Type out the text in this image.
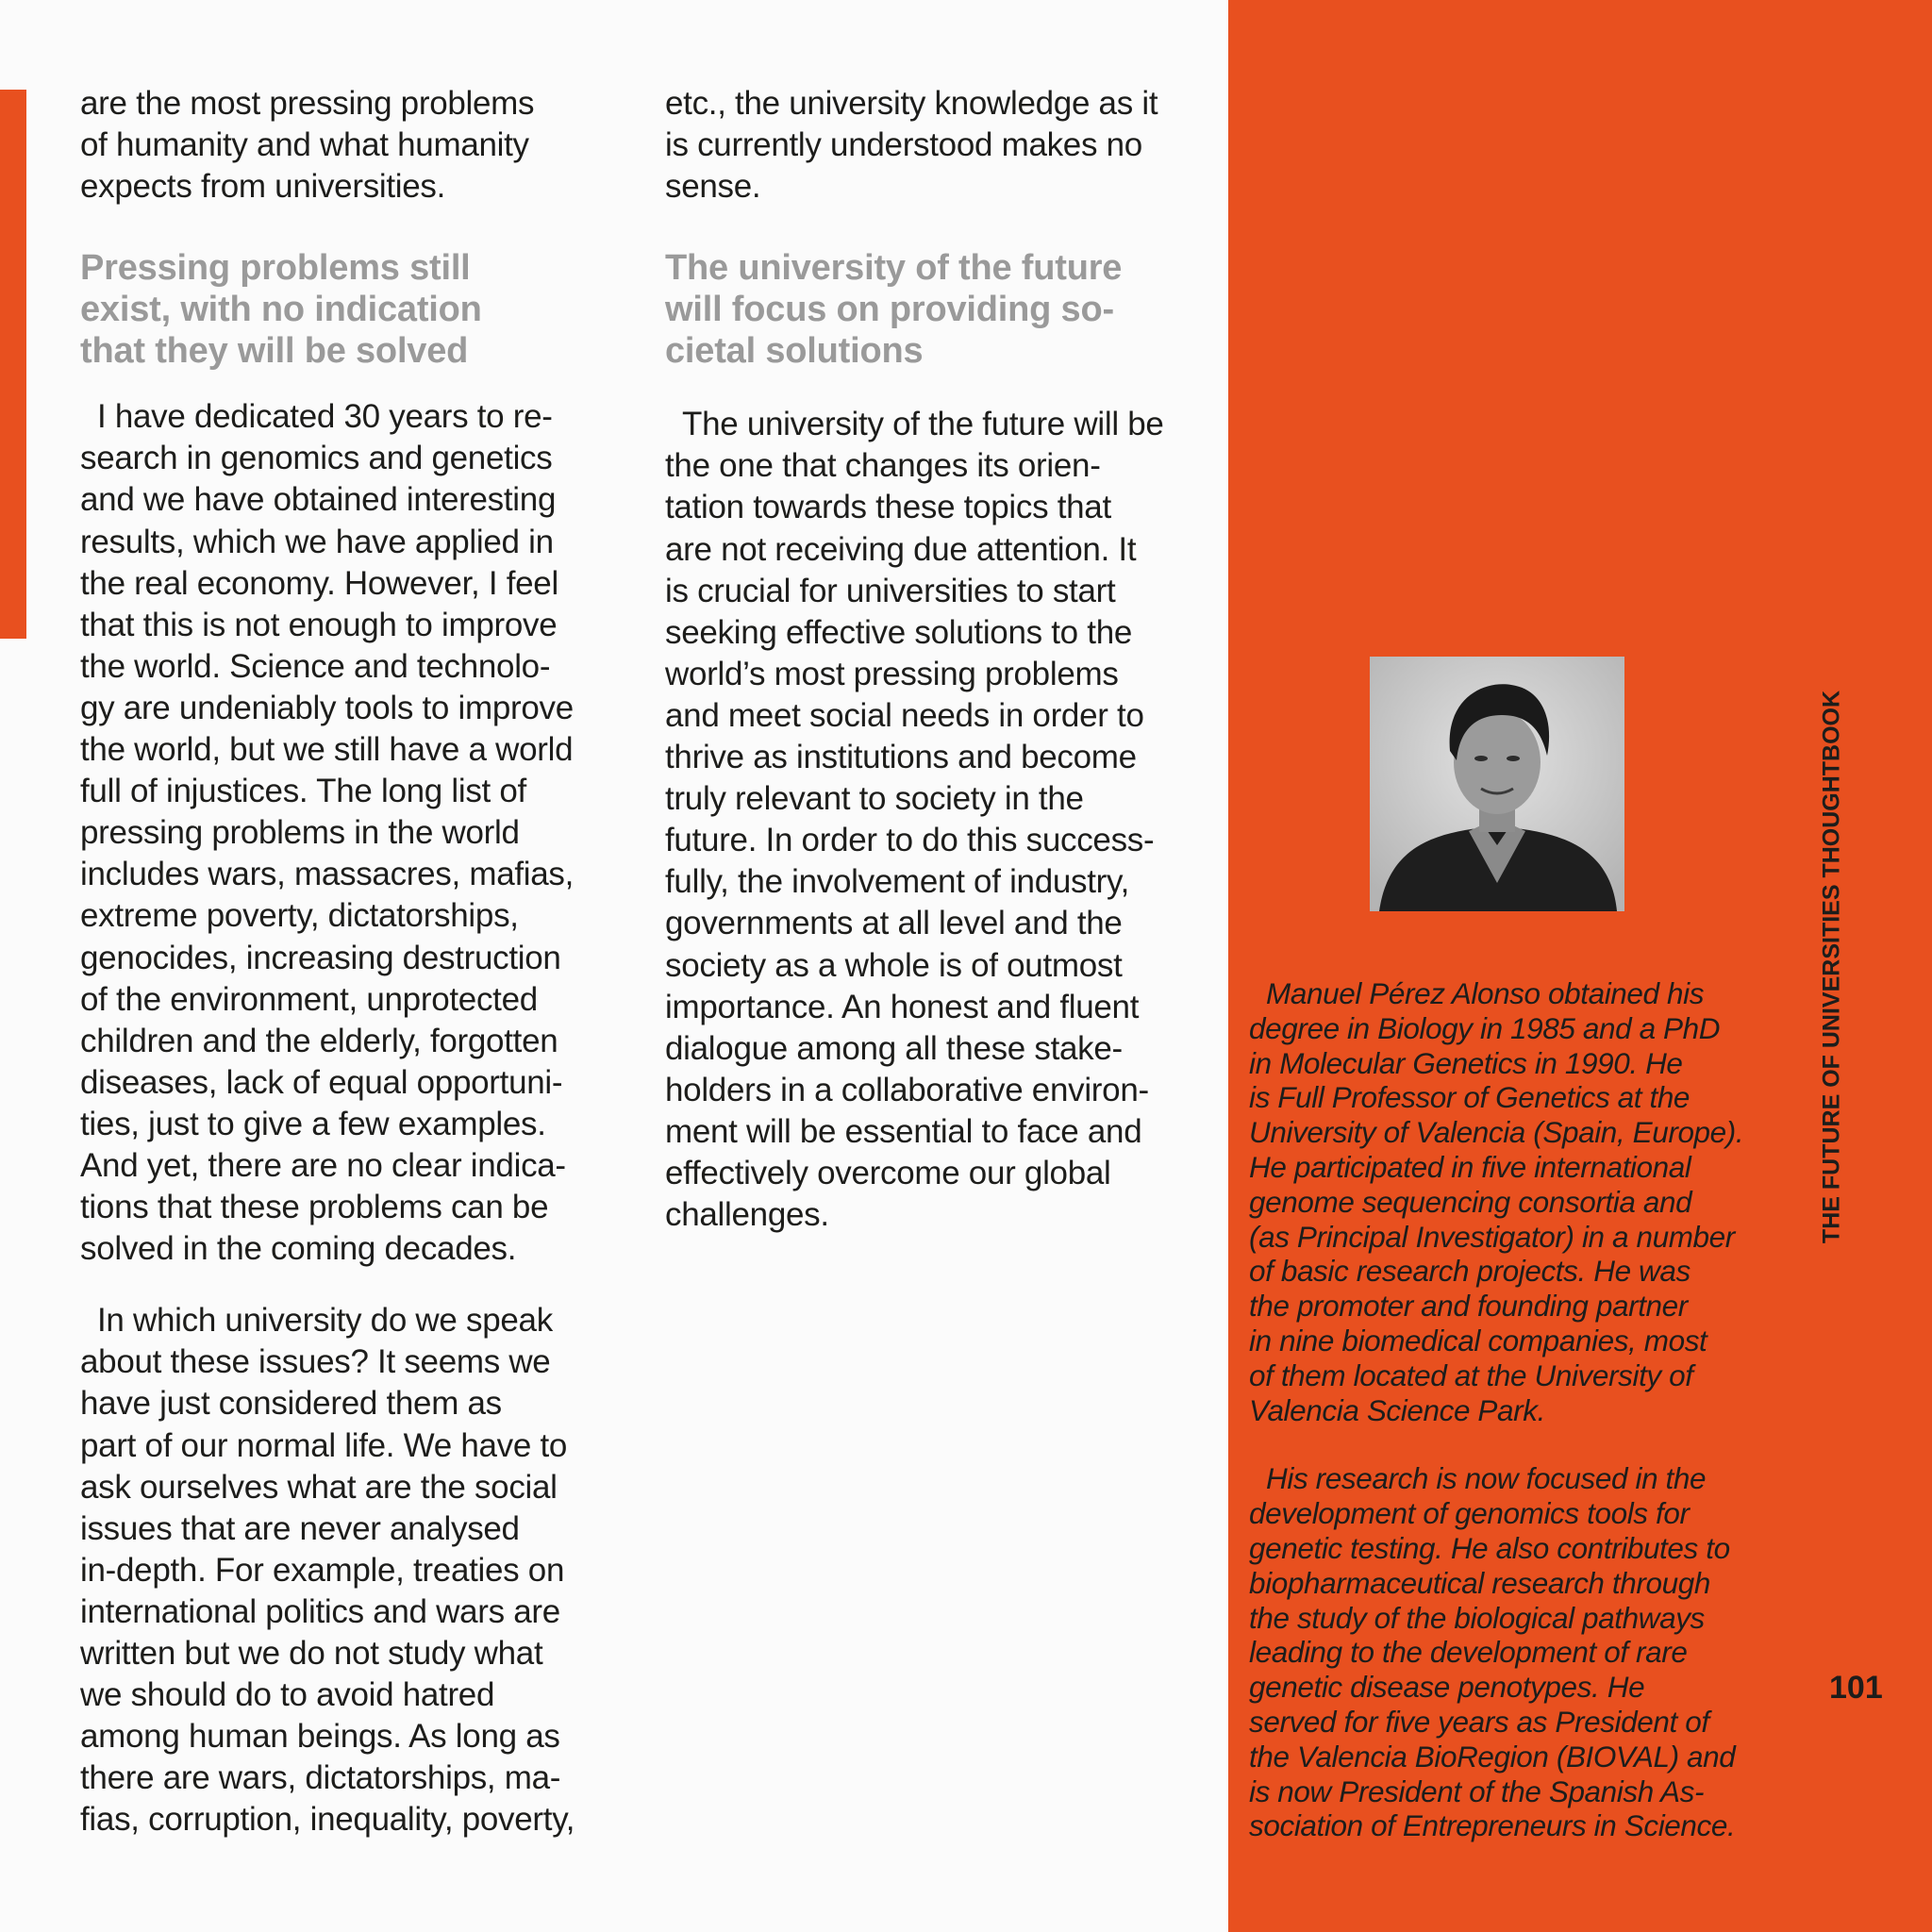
are the most pressing problems
of humanity and what humanity
expects from universities.
Pressing problems still
exist, with no indication
that they will be solved
I have dedicated 30 years to re-
search in genomics and genetics
and we have obtained interesting
results, which we have applied in
the real economy. However, I feel
that this is not enough to improve
the world. Science and technolo-
gy are undeniably tools to improve
the world, but we still have a world
full of injustices. The long list of
pressing problems in the world
includes wars, massacres, mafias,
extreme poverty, dictatorships,
genocides, increasing destruction
of the environment, unprotected
children and the elderly, forgotten
diseases, lack of equal opportuni-
ties, just to give a few examples.
And yet, there are no clear indica-
tions that these problems can be
solved in the coming decades.
In which university do we speak
about these issues? It seems we
have just considered them as
part of our normal life. We have to
ask ourselves what are the social
issues that are never analysed
in-depth. For example, treaties on
international politics and wars are
written but we do not study what
we should do to avoid hatred
among human beings. As long as
there are wars, dictatorships, ma-
fias, corruption, inequality, poverty,
etc., the university knowledge as it
is currently understood makes no
sense.
The university of the future
will focus on providing so-
cietal solutions
The university of the future will be
the one that changes its orien-
tation towards these topics that
are not receiving due attention. It
is crucial for universities to start
seeking effective solutions to the
world’s most pressing problems
and meet social needs in order to
thrive as institutions and become
truly relevant to society in the
future. In order to do this success-
fully, the involvement of industry,
governments at all level and the
society as a whole is of outmost
importance. An honest and fluent
dialogue among all these stake-
holders in a collaborative environ-
ment will be essential to face and
effectively overcome our global
challenges.
Manuel Pérez Alonso obtained his
degree in Biology in 1985 and a PhD
in Molecular Genetics in 1990. He
is Full Professor of Genetics at the
University of Valencia (Spain, Europe).
He participated in five international
genome sequencing consortia and
(as Principal Investigator) in a number
of basic research projects. He was
the promoter and founding partner
in nine biomedical companies, most
of them located at the University of
Valencia Science Park.
His research is now focused in the
development of genomics tools for
genetic testing. He also contributes to
biopharmaceutical research through
the study of the biological pathways
leading to the development of rare
genetic disease penotypes. He
served for five years as President of
the Valencia BioRegion (BIOVAL) and
is now President of the Spanish As-
sociation of Entrepreneurs in Science.
THE FUTURE OF UNIVERSITIES THOUGHTBOOK
101
